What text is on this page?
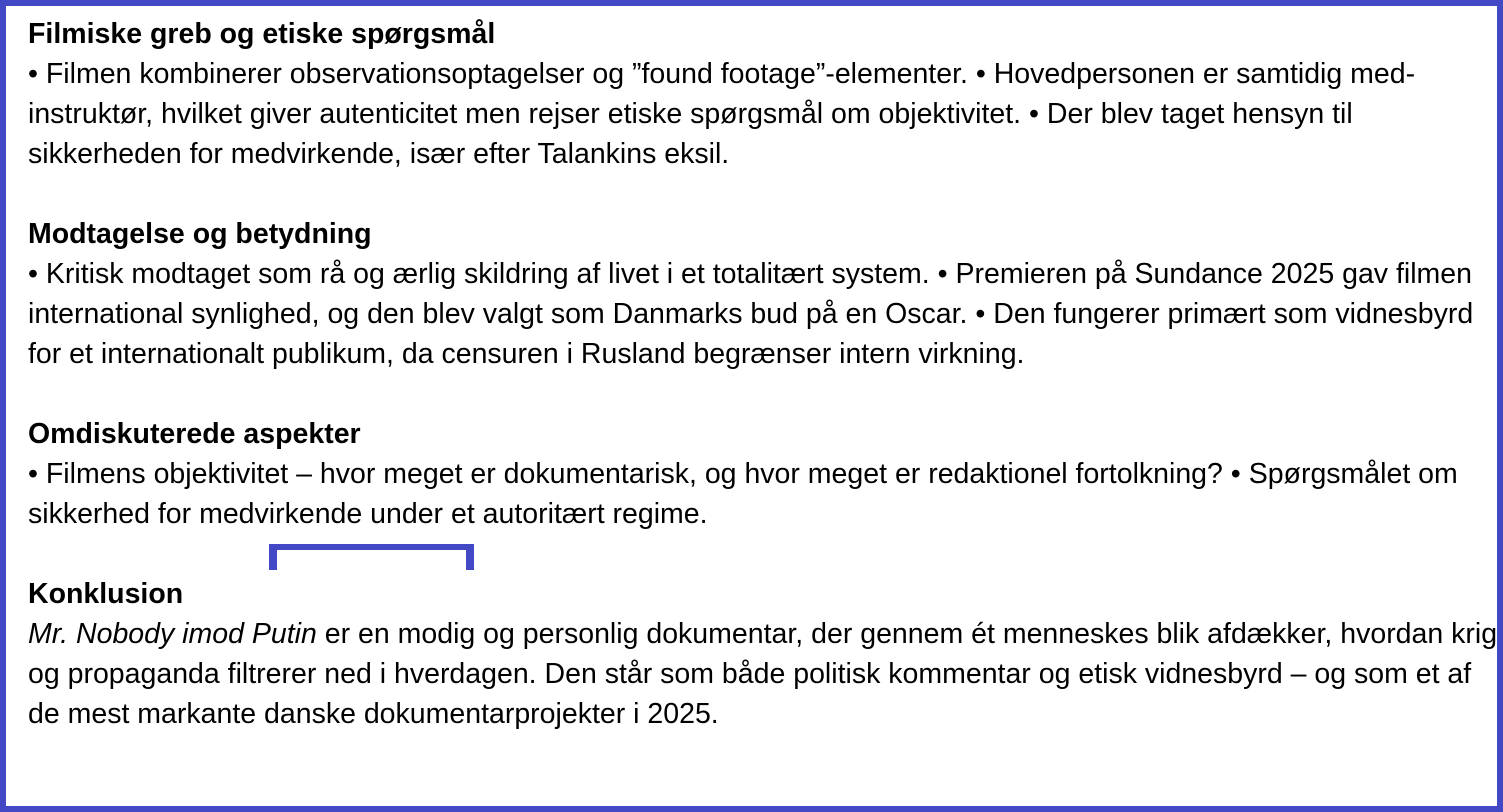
Filmiske greb og etiske spørgsmål
• Filmen kombinerer observationsoptagelser og ”found footage”-elementer. • Hovedpersonen er samtidig med-instruktør, hvilket giver autenticitet men rejser etiske spørgsmål om objektivitet. • Der blev taget hensyn til sikkerheden for medvirkende, især efter Talankins eksil.
Modtagelse og betydning
• Kritisk modtaget som rå og ærlig skildring af livet i et totalitært system. • Premieren på Sundance 2025 gav filmen international synlighed, og den blev valgt som Danmarks bud på en Oscar. • Den fungerer primært som vidnesbyrd for et internationalt publikum, da censuren i Rusland begrænser intern virkning.
Omdiskuterede aspekter
• Filmens objektivitet – hvor meget er dokumentarisk, og hvor meget er redaktionel fortolkning? • Spørgsmålet om sikkerhed for medvirkende under et autoritært regime.
Konklusion
Mr. Nobody imod Putin er en modig og personlig dokumentar, der gennem ét menneskes blik afdækker, hvordan krig og propaganda filtrerer ned i hverdagen. Den står som både politisk kommentar og etisk vidnesbyrd – og som et af de mest markante danske dokumentarprojekter i 2025.
